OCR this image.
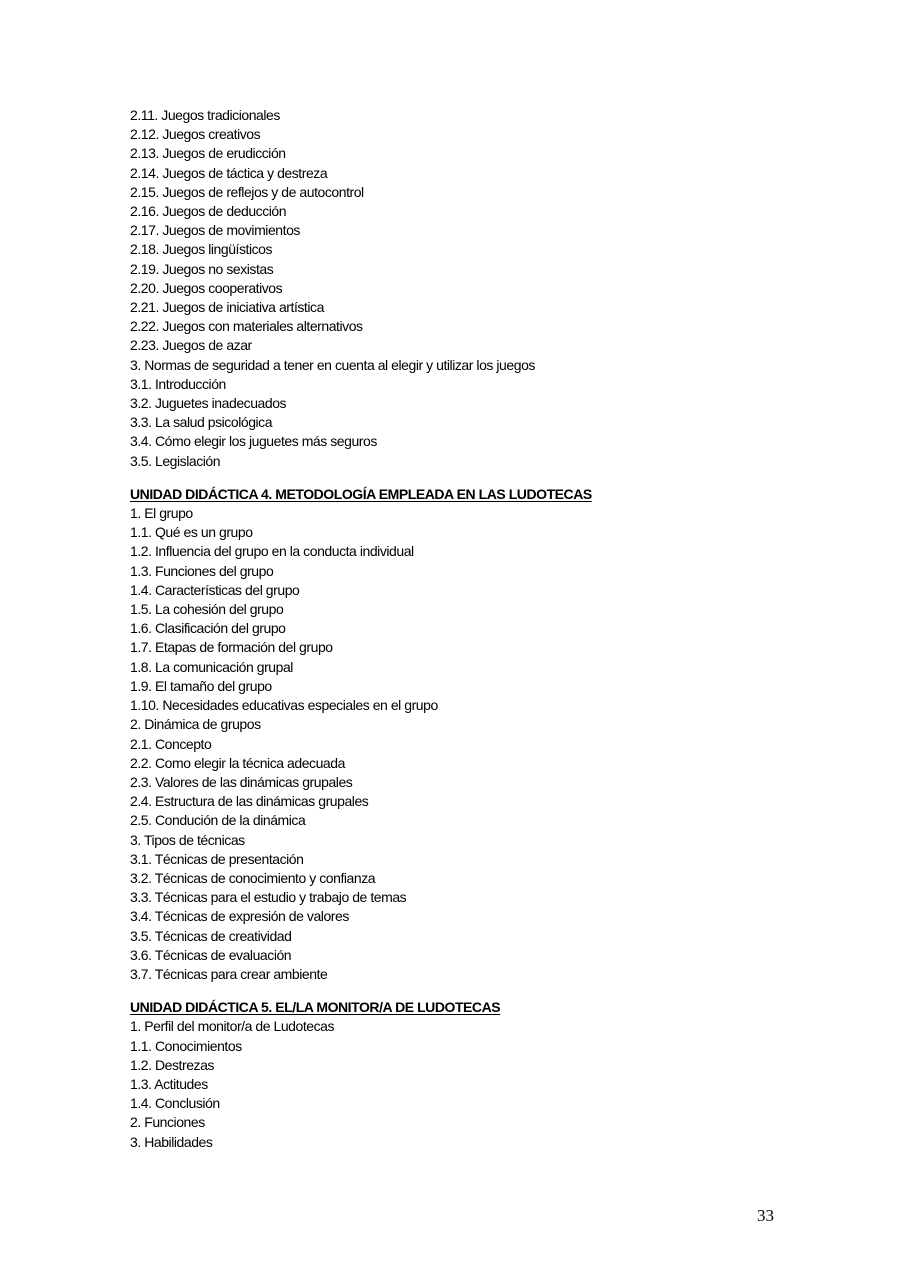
2.11. Juegos tradicionales
2.12. Juegos creativos
2.13. Juegos de erudicción
2.14. Juegos de táctica y destreza
2.15. Juegos de reflejos y de autocontrol
2.16. Juegos de deducción
2.17. Juegos de movimientos
2.18. Juegos lingüísticos
2.19. Juegos no sexistas
2.20. Juegos cooperativos
2.21. Juegos de iniciativa artística
2.22. Juegos con materiales alternativos
2.23. Juegos de azar
3. Normas de seguridad a tener en cuenta al elegir y utilizar los juegos
3.1. Introducción
3.2. Juguetes inadecuados
3.3. La salud psicológica
3.4. Cómo elegir los juguetes más seguros
3.5. Legislación
UNIDAD DIDÁCTICA 4. METODOLOGÍA EMPLEADA EN LAS LUDOTECAS
1. El grupo
1.1. Qué es un grupo
1.2. Influencia del grupo en la conducta individual
1.3. Funciones del grupo
1.4. Características del grupo
1.5. La cohesión del grupo
1.6. Clasificación del grupo
1.7. Etapas de formación del grupo
1.8. La comunicación grupal
1.9. El tamaño del grupo
1.10. Necesidades educativas especiales en el grupo
2. Dinámica de grupos
2.1. Concepto
2.2. Como elegir la técnica adecuada
2.3. Valores de las dinámicas grupales
2.4. Estructura de las dinámicas grupales
2.5. Condución de la dinámica
3. Tipos de técnicas
3.1. Técnicas de presentación
3.2. Técnicas de conocimiento y confianza
3.3. Técnicas para el estudio y trabajo de temas
3.4. Técnicas de expresión de valores
3.5. Técnicas de creatividad
3.6. Técnicas de evaluación
3.7. Técnicas para crear ambiente
UNIDAD DIDÁCTICA 5. EL/LA MONITOR/A DE LUDOTECAS
1. Perfil del monitor/a de Ludotecas
1.1. Conocimientos
1.2. Destrezas
1.3. Actitudes
1.4. Conclusión
2. Funciones
3. Habilidades
33
